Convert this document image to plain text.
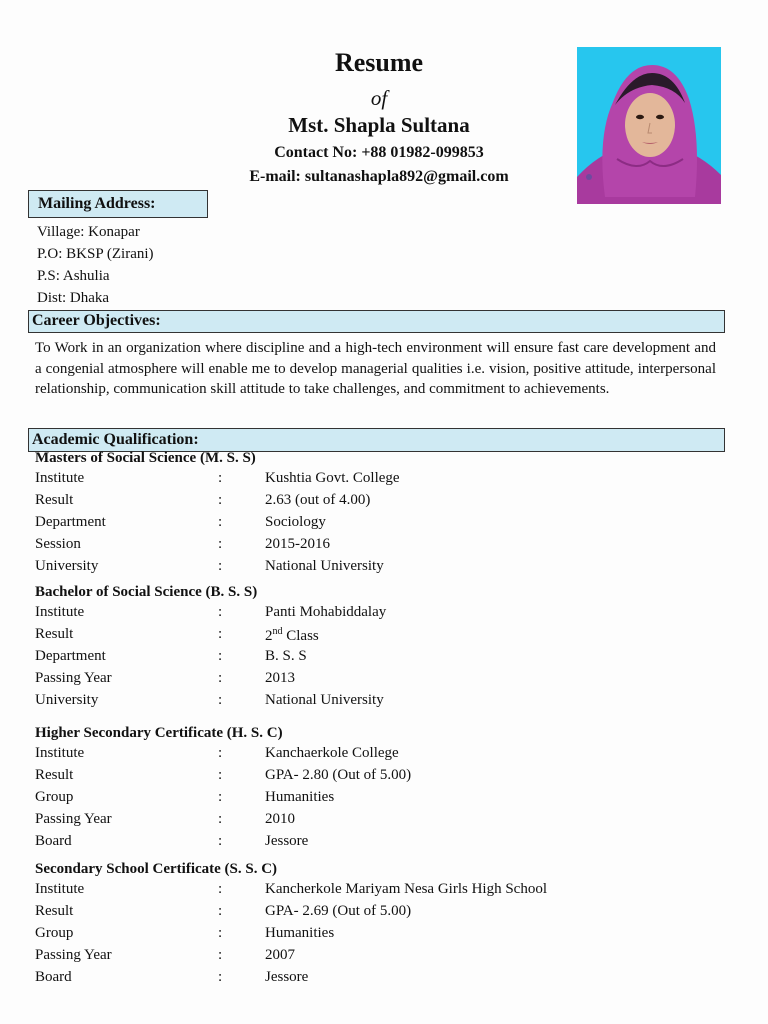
Resume
of
Mst. Shapla Sultana
Contact No: +88 01982-099853
E-mail: sultanashapla892@gmail.com
Mailing Address:
Village: Konapar
P.O: BKSP (Zirani)
P.S: Ashulia
Dist: Dhaka
Career Objectives:
To Work in an organization where discipline and a high-tech environment will ensure fast care development and a congenial atmosphere will enable me to develop managerial qualities i.e. vision, positive attitude, interpersonal relationship, communication skill attitude to take challenges, and commitment to achievements.
Academic Qualification:
Masters of Social Science (M. S. S)
Institute	:	Kushtia Govt. College
Result	:	2.63 (out of 4.00)
Department	:	Sociology
Session	:	2015-2016
University	:	National University
Bachelor of Social Science (B. S. S)
Institute	:	Panti Mohabiddalay
Result	:	2nd Class
Department	:	B. S. S
Passing Year	:	2013
University	:	National University
Higher Secondary Certificate (H. S. C)
Institute	:	Kanchaerkole College
Result	:	GPA- 2.80 (Out of 5.00)
Group	:	Humanities
Passing Year	:	2010
Board	:	Jessore
Secondary School Certificate (S. S. C)
Institute	:	Kancherkole Mariyam Nesa Girls High School
Result	:	GPA- 2.69 (Out of 5.00)
Group	:	Humanities
Passing Year	:	2007
Board	:	Jessore
